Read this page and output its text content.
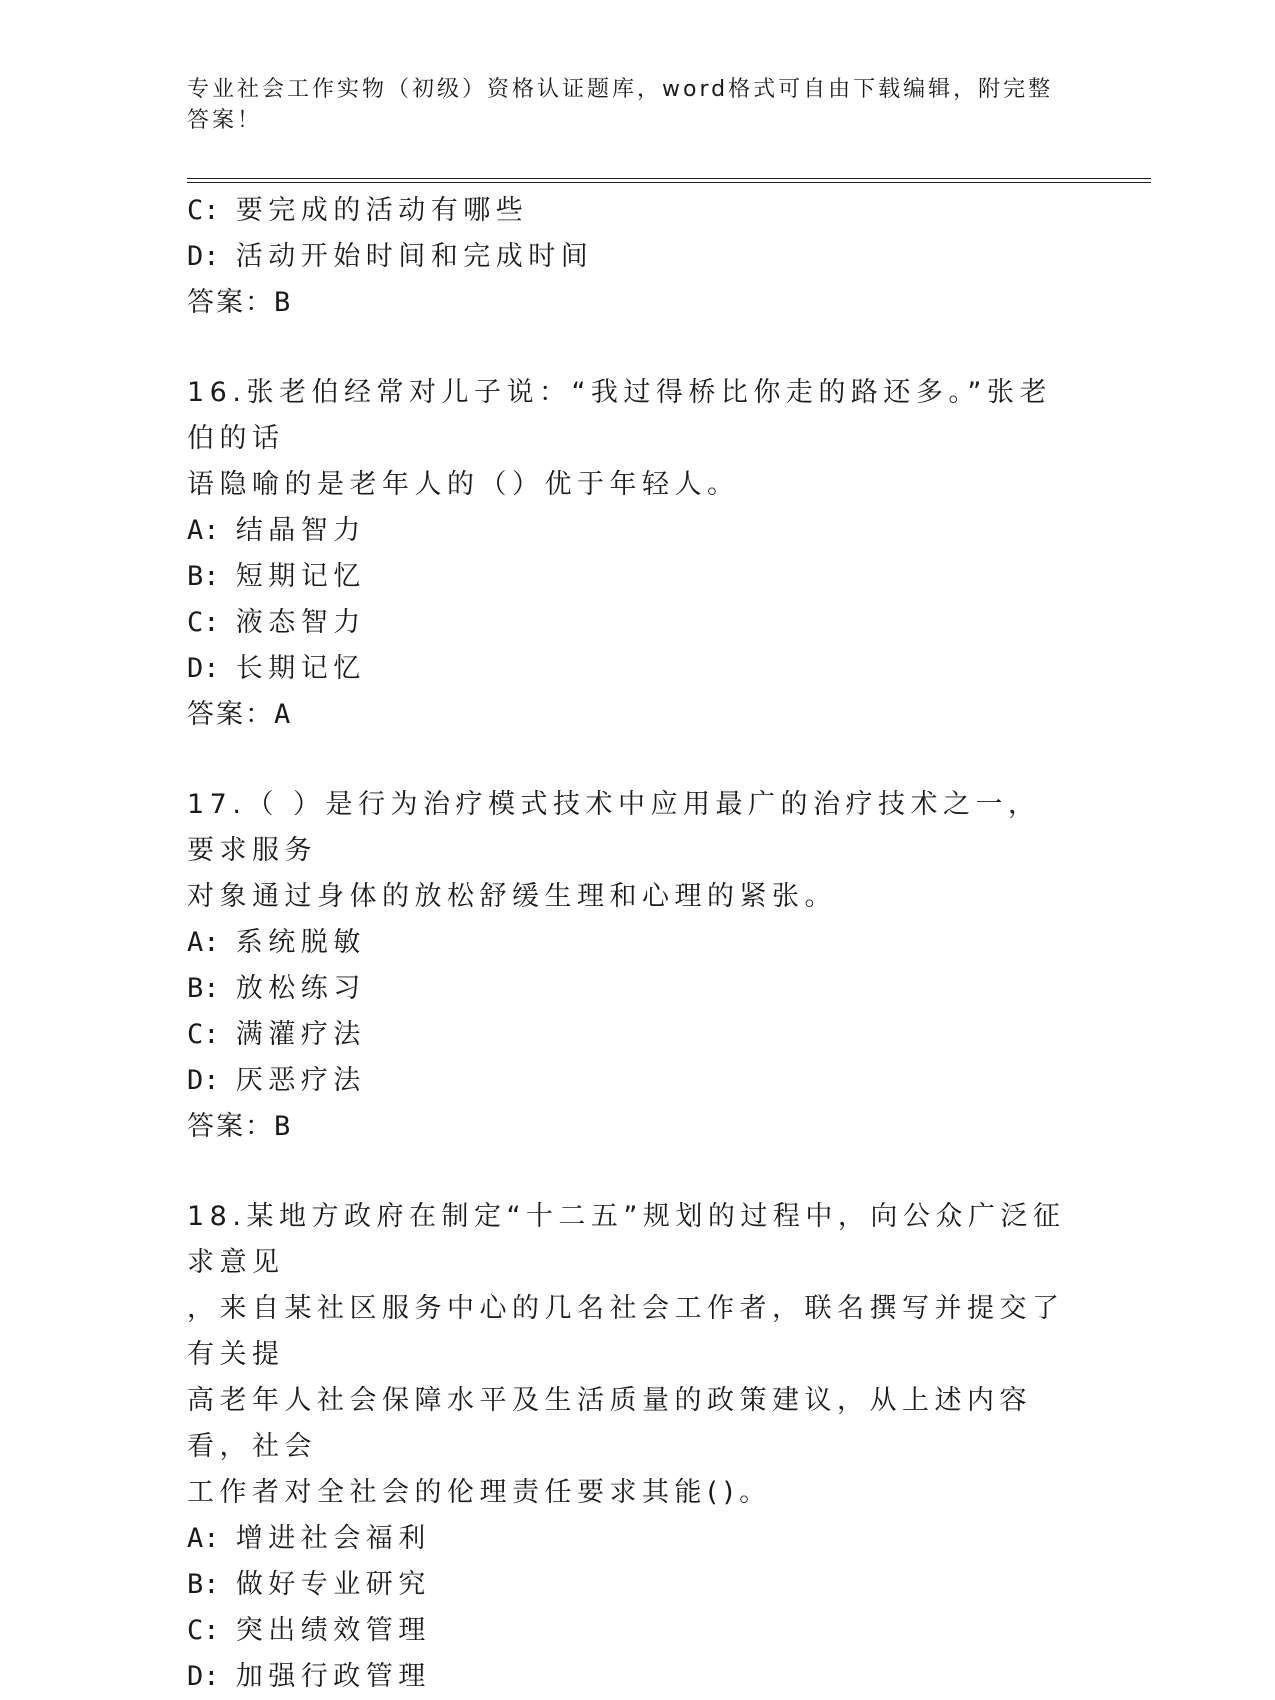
专业社会工作实物（初级）资格认证题库，word格式可自由下载编辑，附完整答案！
C: 要完成的活动有哪些
D: 活动开始时间和完成时间
答案：B
16.张老伯经常对儿子说：“我过得桥比你走的路还多。”张老伯的话
语隐喻的是老年人的（）优于年轻人。
A: 结晶智力
B: 短期记忆
C: 液态智力
D: 长期记忆
答案：A
17.（ ）是行为治疗模式技术中应用最广的治疗技术之一，要求服务
对象通过身体的放松舒缓生理和心理的紧张。
A: 系统脱敏
B: 放松练习
C: 满灌疗法
D: 厌恶疗法
答案：B
18.某地方政府在制定“十二五”规划的过程中，向公众广泛征求意见
，来自某社区服务中心的几名社会工作者，联名撰写并提交了有关提
高老年人社会保障水平及生活质量的政策建议，从上述内容看，社会
工作者对全社会的伦理责任要求其能()。
A: 增进社会福利
B: 做好专业研究
C: 突出绩效管理
D: 加强行政管理
